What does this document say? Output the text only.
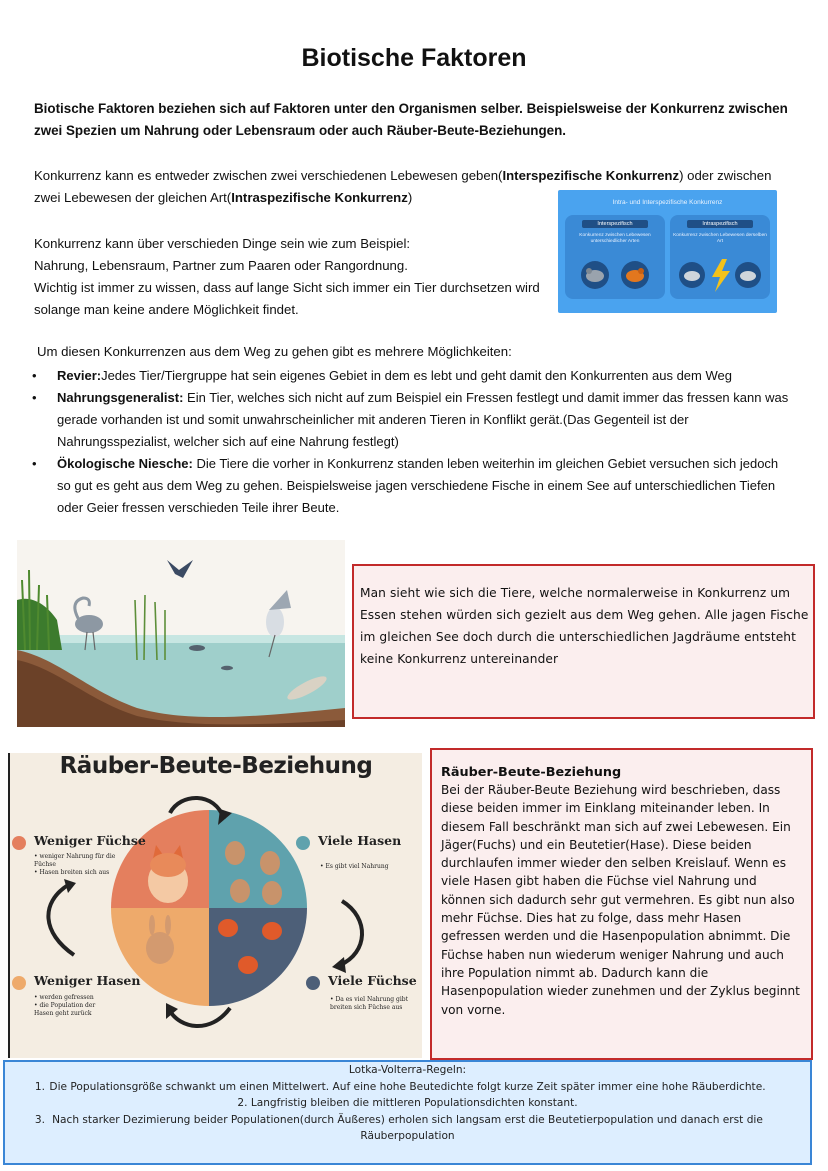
Biotische Faktoren
Biotische Faktoren beziehen sich auf Faktoren unter den Organismen selber. Beispielsweise der Konkurrenz zwischen zwei Spezien um Nahrung oder Lebensraum oder auch Räuber-Beute-Beziehungen.
Konkurrenz kann es entweder zwischen zwei verschiedenen Lebewesen geben(Interspezifische Konkurrenz) oder zwischen zwei Lebewesen der gleichen Art(Intraspezifische Konkurrenz)
Konkurrenz kann über verschieden Dinge sein wie zum Beispiel:
Nahrung, Lebensraum, Partner zum Paaren oder Rangordnung.
Wichtig ist immer zu wissen, dass auf lange Sicht sich immer ein Tier durchsetzen wird
solange man keine andere Möglichkeit findet.
Intra- und Interspezifische Konkurrenz
Interspezifisch
Konkurrenz zwischen Lebewesen unterschiedlicher Arten
Intraspezifisch
Konkurrenz zwischen Lebewesen derselben Art
Um diesen Konkurrenzen aus dem Weg zu gehen gibt es mehrere Möglichkeiten:
• Revier:Jedes Tier/Tiergruppe hat sein eigenes Gebiet in dem es lebt und geht damit den Konkurrenten aus dem Weg
• Nahrungsgeneralist: Ein Tier, welches sich nicht auf zum Beispiel ein Fressen festlegt und damit immer das fressen kann was gerade vorhanden ist und somit unwahrscheinlicher mit anderen Tieren in Konflikt gerät.(Das Gegenteil ist der Nahrungsspezialist, welcher sich auf eine Nahrung festlegt)
• Ökologische Niesche: Die Tiere die vorher in Konkurrenz standen leben weiterhin im gleichen Gebiet versuchen sich jedoch so gut es geht aus dem Weg zu gehen. Beispielsweise jagen verschiedene Fische in einem See auf unterschiedlichen Tiefen oder Geier fressen verschieden Teile ihrer Beute.

Man sieht wie sich die Tiere, welche normalerweise in Konkurrenz um Essen stehen würden sich gezielt aus dem Weg gehen. Alle jagen Fische im gleichen See doch durch die unterschiedlichen Jagdräume entsteht keine Konkurrenz untereinander

Räuber-Beute-Beziehung
Weniger Füchse
• weniger Nahrung für die Füchse
• Hasen breiten sich aus
Viele Hasen
• Es gibt viel Nahrung
Weniger Hasen
• werden gefressen
• die Population der Hasen geht zurück
Viele Füchse
• Da es viel Nahrung gibt breiten sich Füchse aus
Räuber-Beute-Beziehung
Bei der Räuber-Beute Beziehung wird beschrieben, dass diese beiden immer im Einklang miteinander leben. In diesem Fall beschränkt man sich auf zwei Lebewesen. Ein Jäger(Fuchs) und ein Beutetier(Hase). Diese beiden durchlaufen immer wieder den selben Kreislauf. Wenn es viele Hasen gibt haben die Füchse viel Nahrung und können sich dadurch sehr gut vermehren. Es gibt nun also mehr Füchse. Dies hat zu folge, dass mehr Hasen gefressen werden und die Hasenpopulation abnimmt. Die Füchse haben nun wiederum weniger Nahrung und auch ihre Population nimmt ab. Dadurch kann die Hasenpopulation wieder zunehmen und der Zyklus beginnt von vorne.
Lotka-Volterra-Regeln:
1. Die Populationsgröße schwankt um einen Mittelwert. Auf eine hohe Beutedichte folgt kurze Zeit später immer eine hohe Räuberdichte.
2. Langfristig bleiben die mittleren Populationsdichten konstant.
3. Nach starker Dezimierung beider Populationen(durch Äußeres) erholen sich langsam erst die Beutetierpopulation und danach erst die Räuberpopulation
